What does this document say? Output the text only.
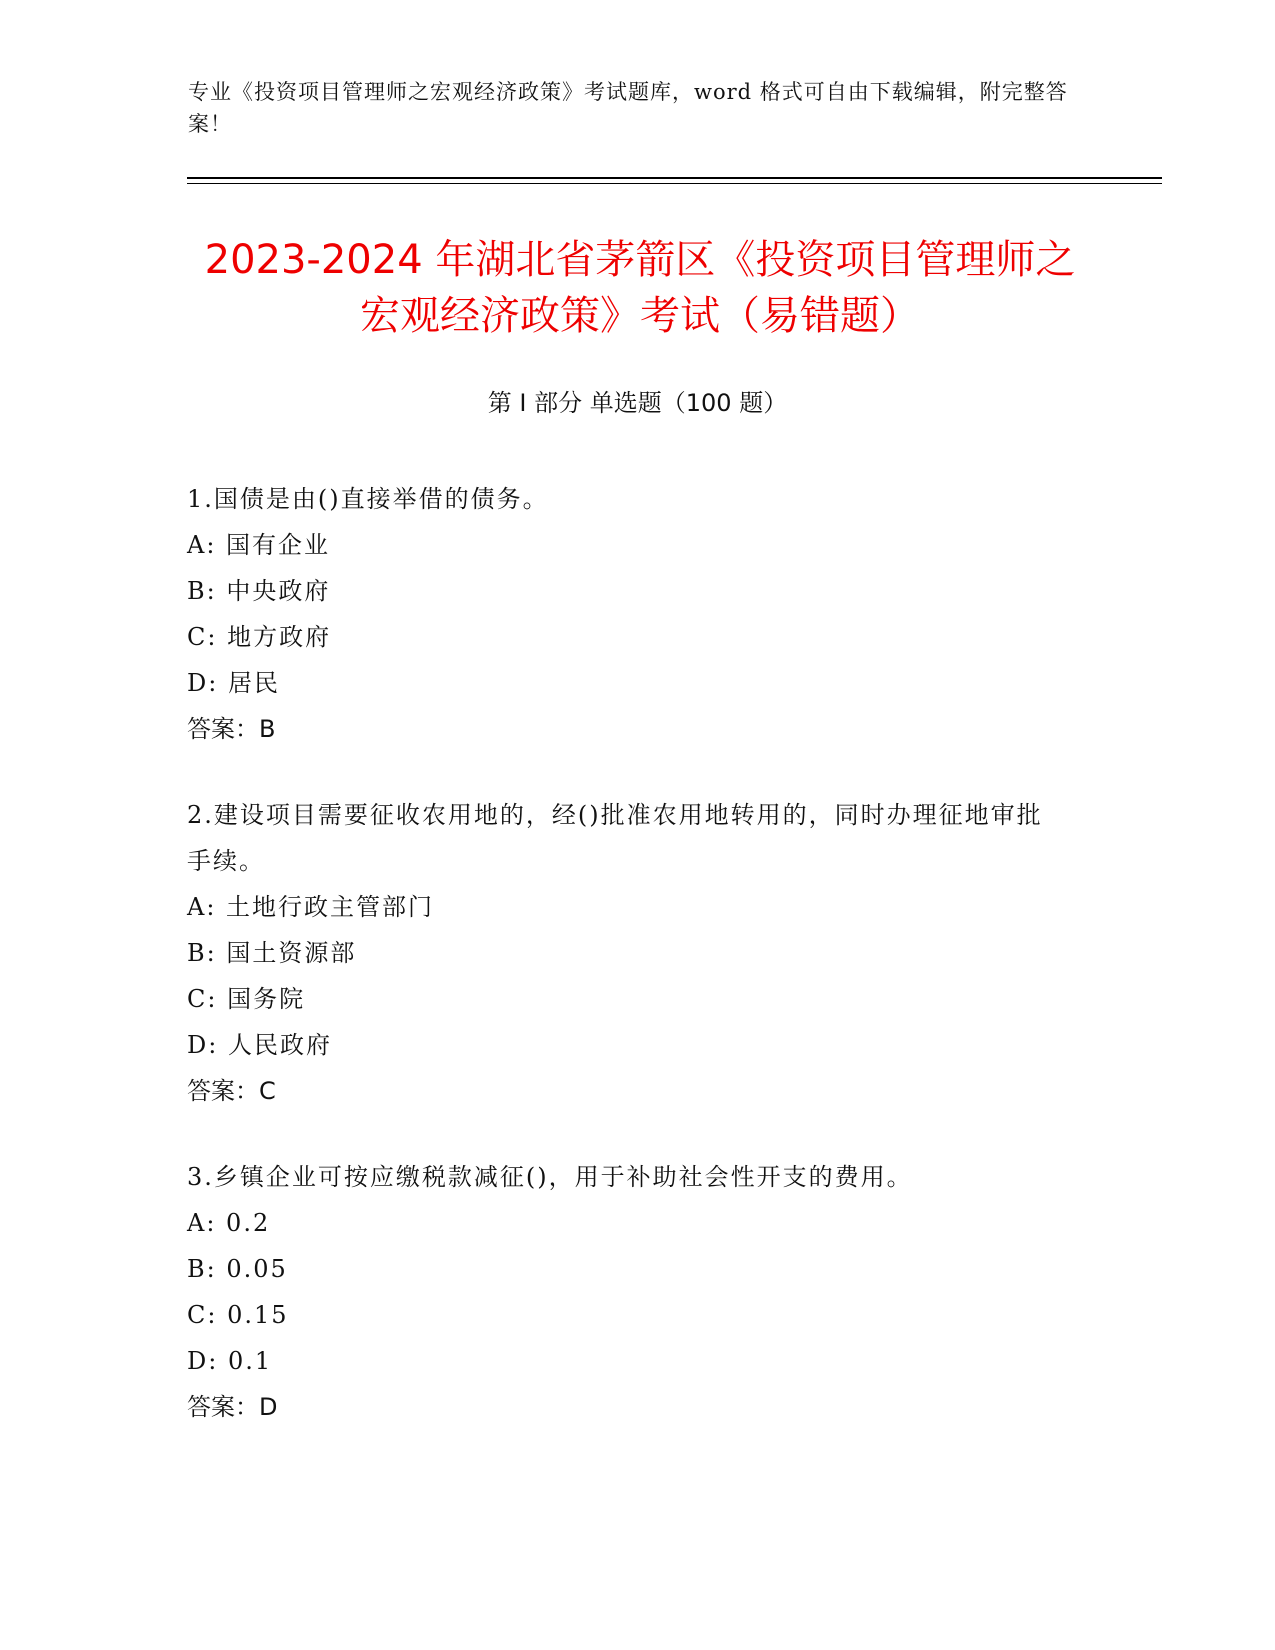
专业《投资项目管理师之宏观经济政策》考试题库，word 格式可自由下载编辑，附完整答案！
2023-2024 年湖北省茅箭区《投资项目管理师之宏观经济政策》考试（易错题）
第 I 部分 单选题（100 题）
1.国债是由()直接举借的债务。
A: 国有企业
B: 中央政府
C: 地方政府
D: 居民
答案：B
2.建设项目需要征收农用地的，经()批准农用地转用的，同时办理征地审批手续。
A: 土地行政主管部门
B: 国土资源部
C: 国务院
D: 人民政府
答案：C
3.乡镇企业可按应缴税款减征()，用于补助社会性开支的费用。
A: 0.2
B: 0.05
C: 0.15
D: 0.1
答案：D
